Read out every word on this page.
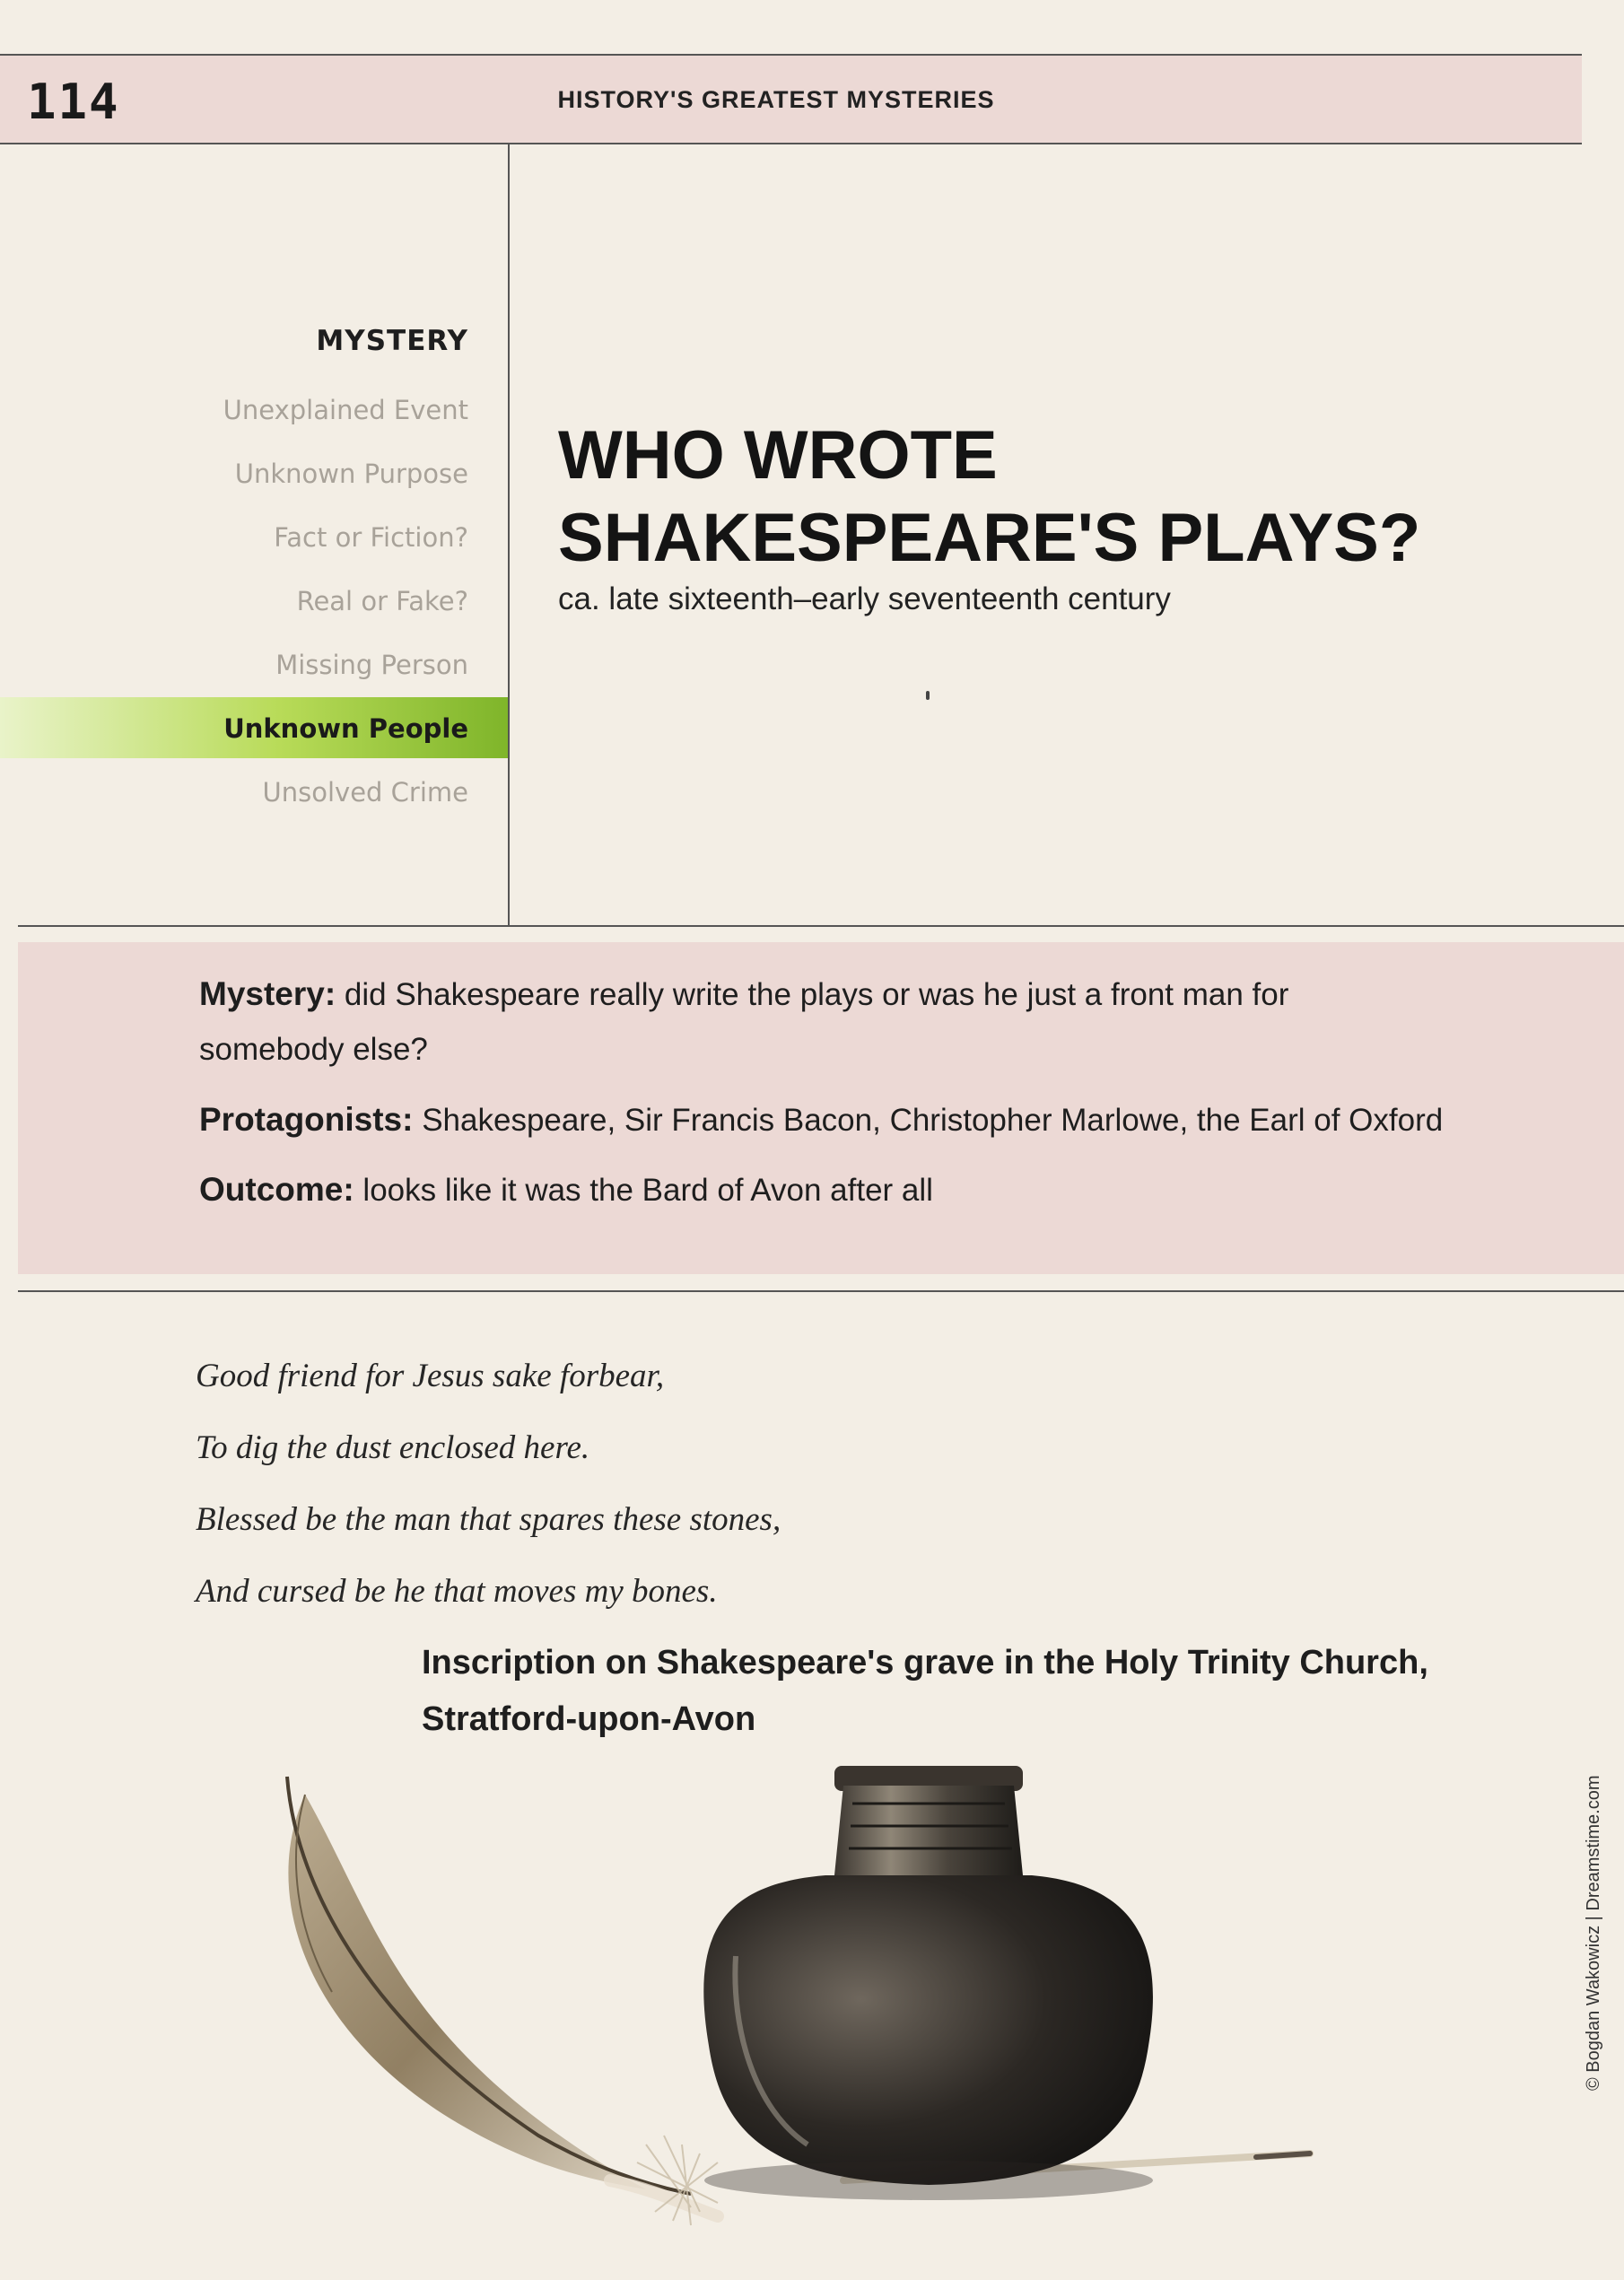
114	HISTORY'S GREATEST MYSTERIES
MYSTERY
Unexplained Event
Unknown Purpose
Fact or Fiction?
Real or Fake?
Missing Person
Unknown People
Unsolved Crime
WHO WROTE
SHAKESPEARE'S PLAYS?
ca. late sixteenth–early seventeenth century
Mystery: did Shakespeare really write the plays or was he just a front man for
somebody else?
Protagonists: Shakespeare, Sir Francis Bacon, Christopher Marlowe, the Earl of Oxford
Outcome: looks like it was the Bard of Avon after all
Good friend for Jesus sake forbear,
To dig the dust enclosed here.
Blessed be the man that spares these stones,
And cursed be he that moves my bones.
Inscription on Shakespeare's grave in the Holy Trinity Church,
Stratford-upon-Avon
© Bogdan Wakowicz | Dreamstime.com
